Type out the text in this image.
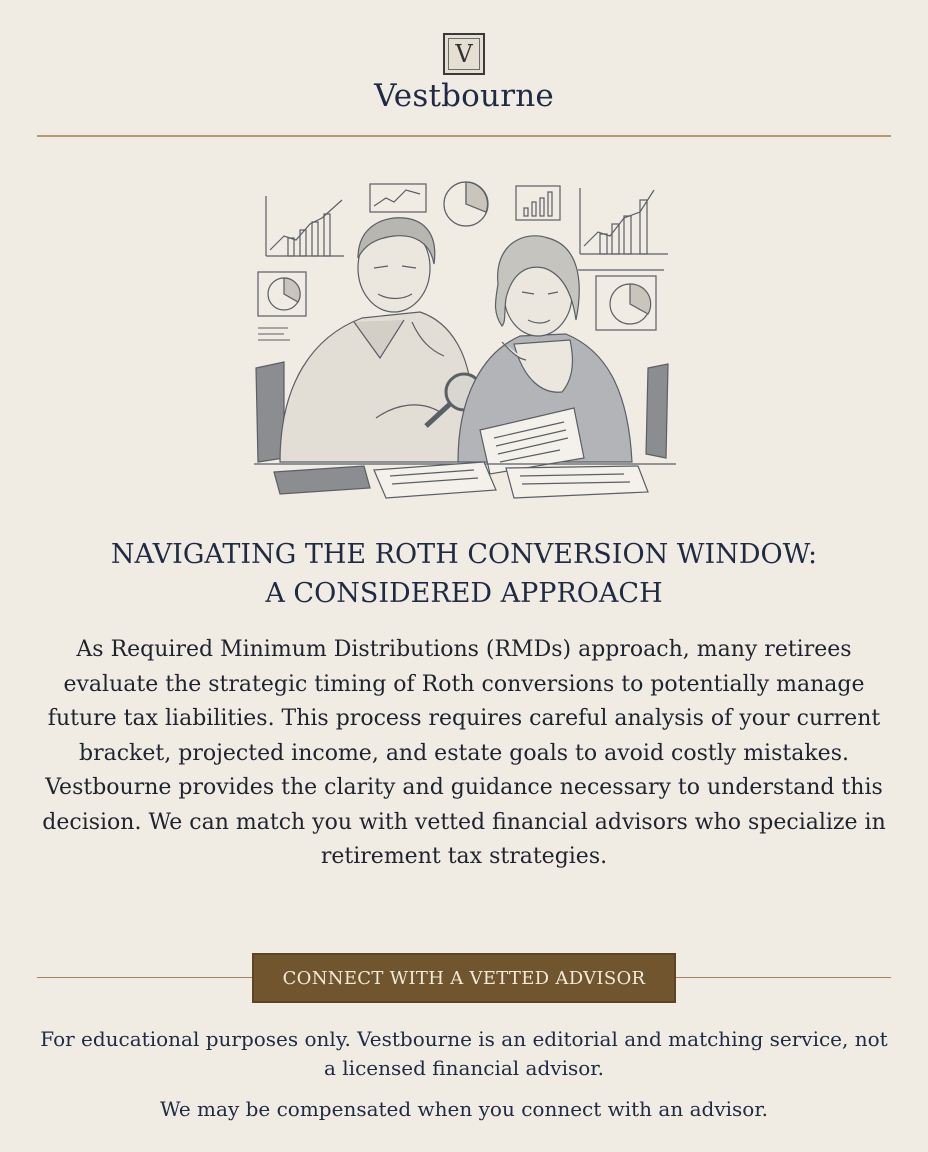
V
Vestbourne
NAVIGATING THE ROTH CONVERSION WINDOW:
A CONSIDERED APPROACH

As Required Minimum Distributions (RMDs) approach, many retirees evaluate the strategic timing of Roth conversions to potentially manage future tax liabilities. This process requires careful analysis of your current bracket, projected income, and estate goals to avoid costly mistakes.
Vestbourne provides the clarity and guidance necessary to understand this decision. We can match you with vetted financial advisors who specialize in retirement tax strategies.

CONNECT WITH A VETTED ADVISOR

For educational purposes only. Vestbourne is an editorial and matching service, not a licensed financial advisor.

We may be compensated when you connect with an advisor.
